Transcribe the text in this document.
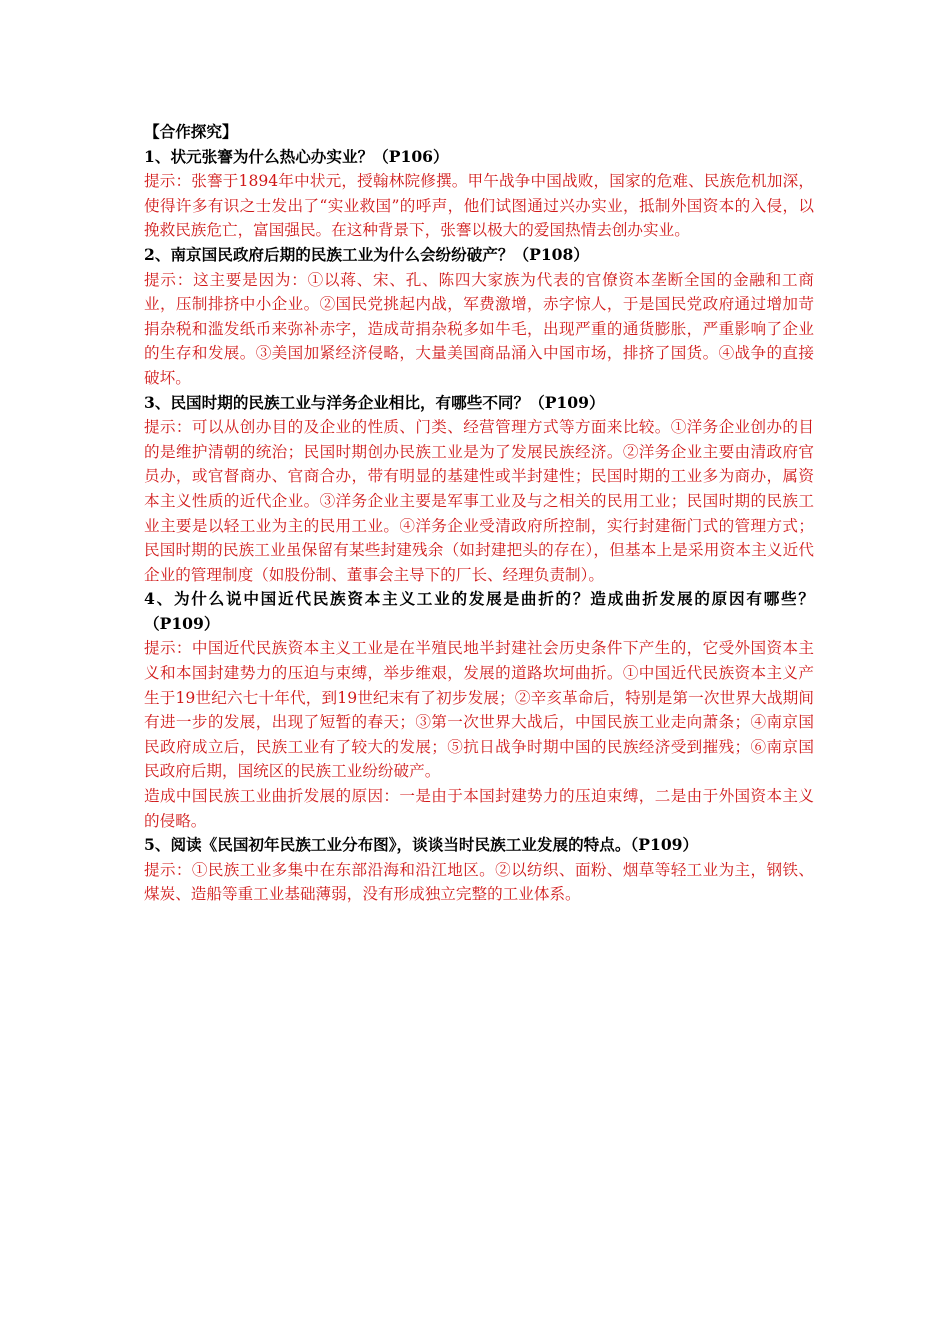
【合作探究】

1、状元张謇为什么热心办实业？（P106）

提示：张謇于1894年中状元，授翰林院修撰。甲午战争中国战败，国家的危难、民族危机加深，使得许多有识之士发出了“实业救国”的呼声，他们试图通过兴办实业，抵制外国资本的入侵，以挽救民族危亡，富国强民。在这种背景下，张謇以极大的爱国热情去创办实业。

2、南京国民政府后期的民族工业为什么会纷纷破产？（P108）

提示：这主要是因为：①以蒋、宋、孔、陈四大家族为代表的官僚资本垄断全国的金融和工商业，压制排挤中小企业。②国民党挑起内战，军费激增，赤字惊人，于是国民党政府通过增加苛捐杂税和滥发纸币来弥补赤字，造成苛捐杂税多如牛毛，出现严重的通货膨胀，严重影响了企业的生存和发展。③美国加紧经济侵略，大量美国商品涌入中国市场，排挤了国货。④战争的直接破坏。

3、民国时期的民族工业与洋务企业相比，有哪些不同？（P109）

提示：可以从创办目的及企业的性质、门类、经营管理方式等方面来比较。①洋务企业创办的目的是维护清朝的统治；民国时期创办民族工业是为了发展民族经济。②洋务企业主要由清政府官员办，或官督商办、官商合办，带有明显的基建性或半封建性；民国时期的工业多为商办，属资本主义性质的近代企业。③洋务企业主要是军事工业及与之相关的民用工业；民国时期的民族工业主要是以轻工业为主的民用工业。④洋务企业受清政府所控制，实行封建衙门式的管理方式；民国时期的民族工业虽保留有某些封建残余（如封建把头的存在），但基本上是采用资本主义近代企业的管理制度（如股份制、董事会主导下的厂长、经理负责制）。

4、为什么说中国近代民族资本主义工业的发展是曲折的？造成曲折发展的原因有哪些？（P109）

提示：中国近代民族资本主义工业是在半殖民地半封建社会历史条件下产生的，它受外国资本主义和本国封建势力的压迫与束缚，举步维艰，发展的道路坎坷曲折。①中国近代民族资本主义产生于19世纪六七十年代，到19世纪末有了初步发展；②辛亥革命后，特别是第一次世界大战期间有进一步的发展，出现了短暂的春天；③第一次世界大战后，中国民族工业走向萧条；④南京国民政府成立后，民族工业有了较大的发展；⑤抗日战争时期中国的民族经济受到摧残；⑥南京国民政府后期，国统区的民族工业纷纷破产。

造成中国民族工业曲折发展的原因：一是由于本国封建势力的压迫束缚，二是由于外国资本主义的侵略。

5、阅读《民国初年民族工业分布图》，谈谈当时民族工业发展的特点。（P109）

提示：①民族工业多集中在东部沿海和沿江地区。②以纺织、面粉、烟草等轻工业为主，钢铁、煤炭、造船等重工业基础薄弱，没有形成独立完整的工业体系。
